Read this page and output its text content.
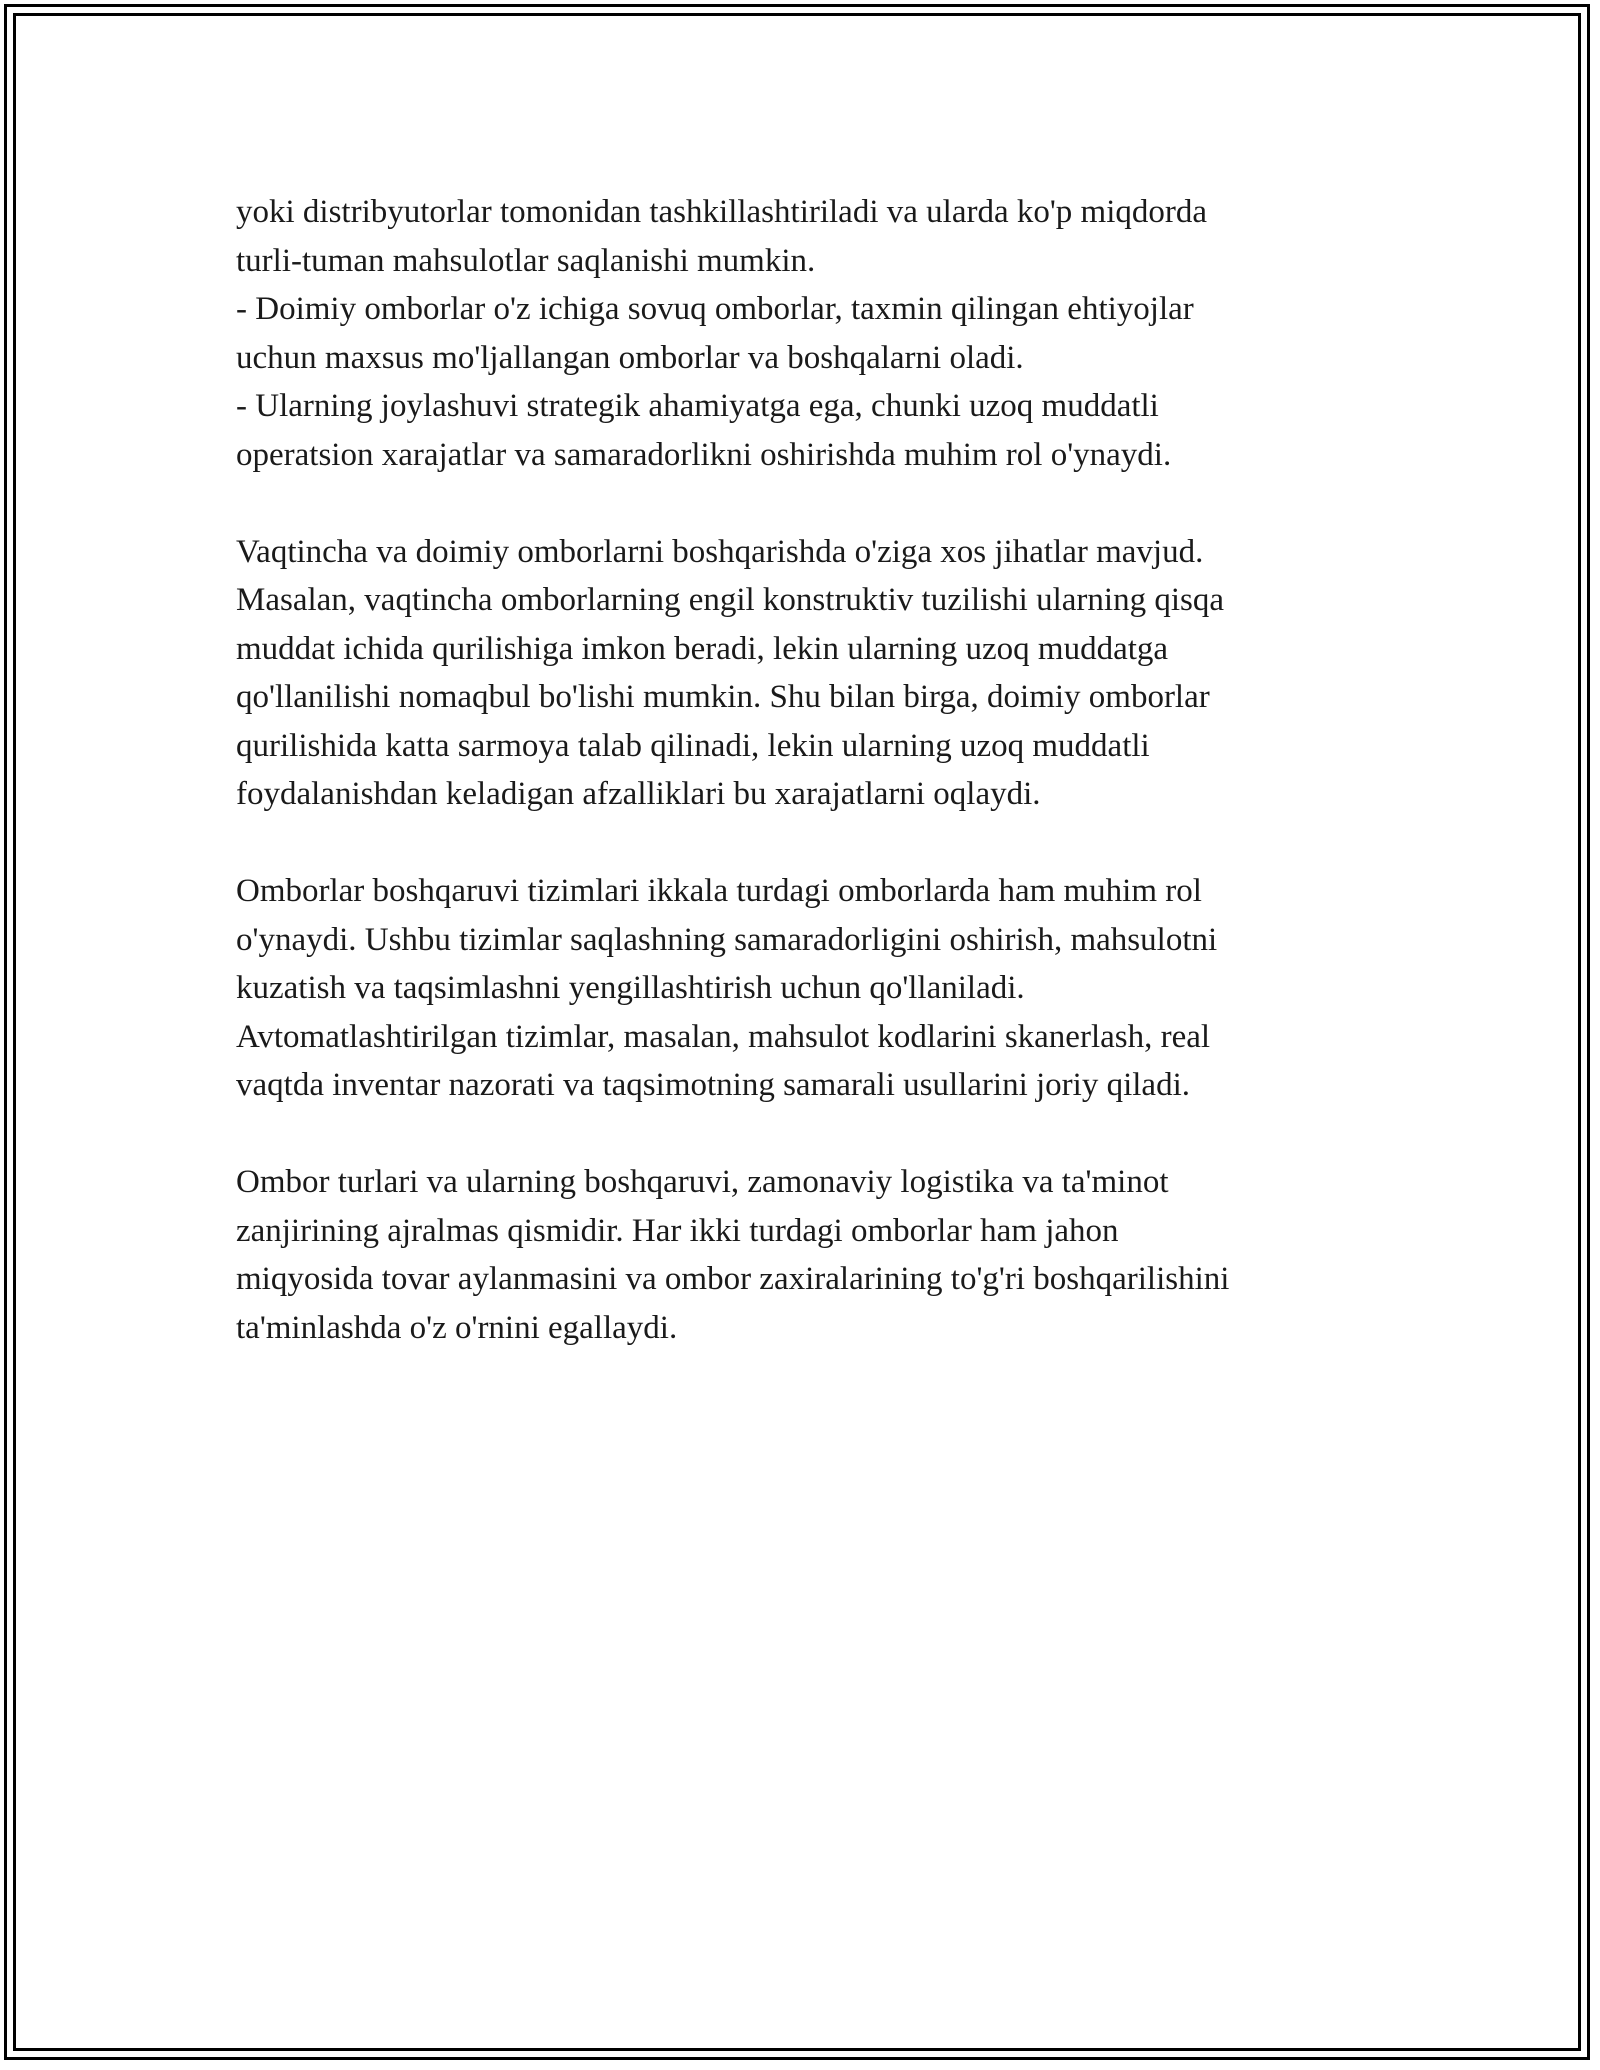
yoki distribyutorlar tomonidan tashkillashtiriladi va ularda ko'p miqdorda
turli-tuman mahsulotlar saqlanishi mumkin.
- Doimiy omborlar o'z ichiga sovuq omborlar, taxmin qilingan ehtiyojlar
uchun maxsus mo'ljallangan omborlar va boshqalarni oladi.
- Ularning joylashuvi strategik ahamiyatga ega, chunki uzoq muddatli
operatsion xarajatlar va samaradorlikni oshirishda muhim rol o'ynaydi.

Vaqtincha va doimiy omborlarni boshqarishda o'ziga xos jihatlar mavjud.
Masalan, vaqtincha omborlarning engil konstruktiv tuzilishi ularning qisqa
muddat ichida qurilishiga imkon beradi, lekin ularning uzoq muddatga
qo'llanilishi nomaqbul bo'lishi mumkin. Shu bilan birga, doimiy omborlar
qurilishida katta sarmoya talab qilinadi, lekin ularning uzoq muddatli
foydalanishdan keladigan afzalliklari bu xarajatlarni oqlaydi.

Omborlar boshqaruvi tizimlari ikkala turdagi omborlarda ham muhim rol
o'ynaydi. Ushbu tizimlar saqlashning samaradorligini oshirish, mahsulotni
kuzatish va taqsimlashni yengillashtirish uchun qo'llaniladi.
Avtomatlashtirilgan tizimlar, masalan, mahsulot kodlarini skanerlash, real
vaqtda inventar nazorati va taqsimotning samarali usullarini joriy qiladi.

Ombor turlari va ularning boshqaruvi, zamonaviy logistika va ta'minot
zanjirining ajralmas qismidir. Har ikki turdagi omborlar ham jahon
miqyosida tovar aylanmasini va ombor zaxiralarining to'g'ri boshqarilishini
ta'minlashda o'z o'rnini egallaydi.
